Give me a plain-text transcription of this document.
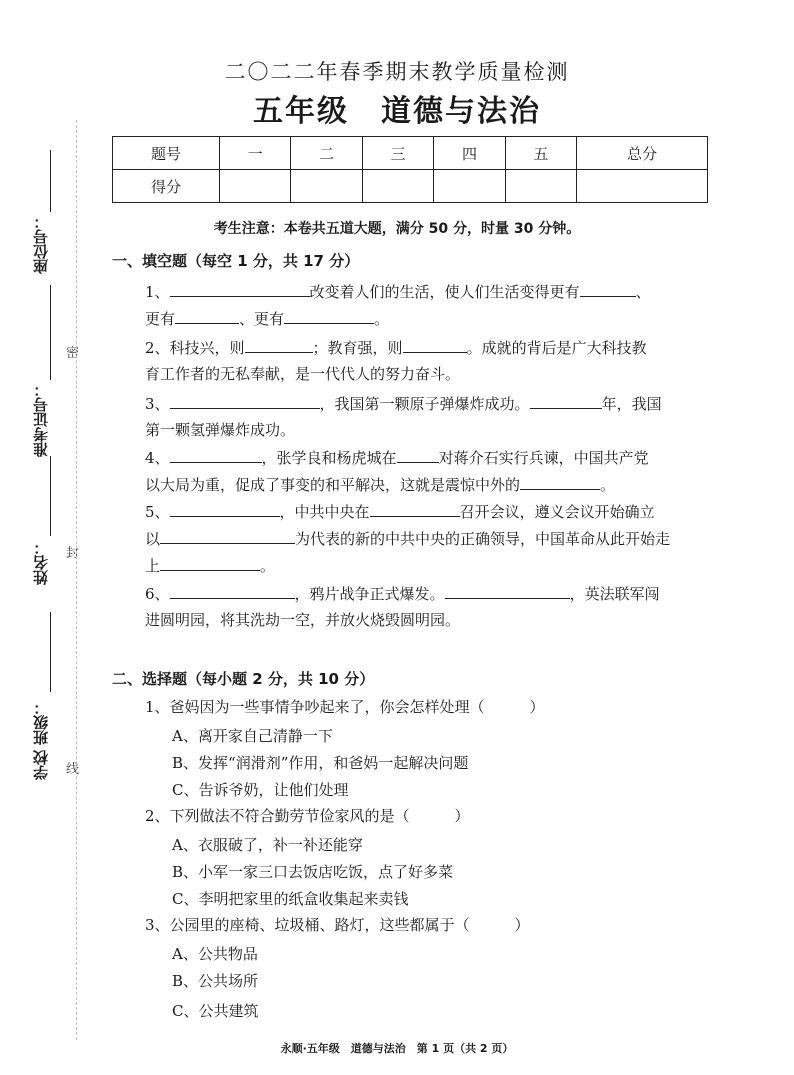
座位号：
准考证号：
姓名：
班级：
学校
密
封
线
二〇二二年春季期末教学质量检测
五年级　道德与法治
题号	一	二	三	四	五	总分
得分						
考生注意：本卷共五道大题，满分 50 分，时量 30 分钟。
一、填空题（每空 1 分，共 17 分）
1、	改变着人们的生活，使人们生活变得更有	、
更有	、更有	。
2、科技兴，则	；教育强，则	。成就的背后是广大科技教
育工作者的无私奉献，是一代代人的努力奋斗。
3、	，我国第一颗原子弹爆炸成功。	年，我国
第一颗氢弹爆炸成功。
4、	，张学良和杨虎城在	对蒋介石实行兵谏，中国共产党
以大局为重，促成了事变的和平解决，这就是震惊中外的	。
5、	，中共中央在	召开会议，遵义会议开始确立
以	为代表的新的中共中央的正确领导，中国革命从此开始走
上	。
6、	，鸦片战争正式爆发。	，英法联军闯
进圆明园，将其洗劫一空，并放火烧毁圆明园。
二、选择题（每小题 2 分，共 10 分）
1、爸妈因为一些事情争吵起来了，你会怎样处理（　　　）
A、离开家自己清静一下
B、发挥“润滑剂”作用，和爸妈一起解决问题
C、告诉爷奶，让他们处理
2、下列做法不符合勤劳节俭家风的是（　　　）
A、衣服破了，补一补还能穿
B、小军一家三口去饭店吃饭，点了好多菜
C、李明把家里的纸盒收集起来卖钱
3、公园里的座椅、垃圾桶、路灯，这些都属于（　　　）
A、公共物品
B、公共场所
C、公共建筑
永顺·五年级　道德与法治　第 1 页（共 2 页）
